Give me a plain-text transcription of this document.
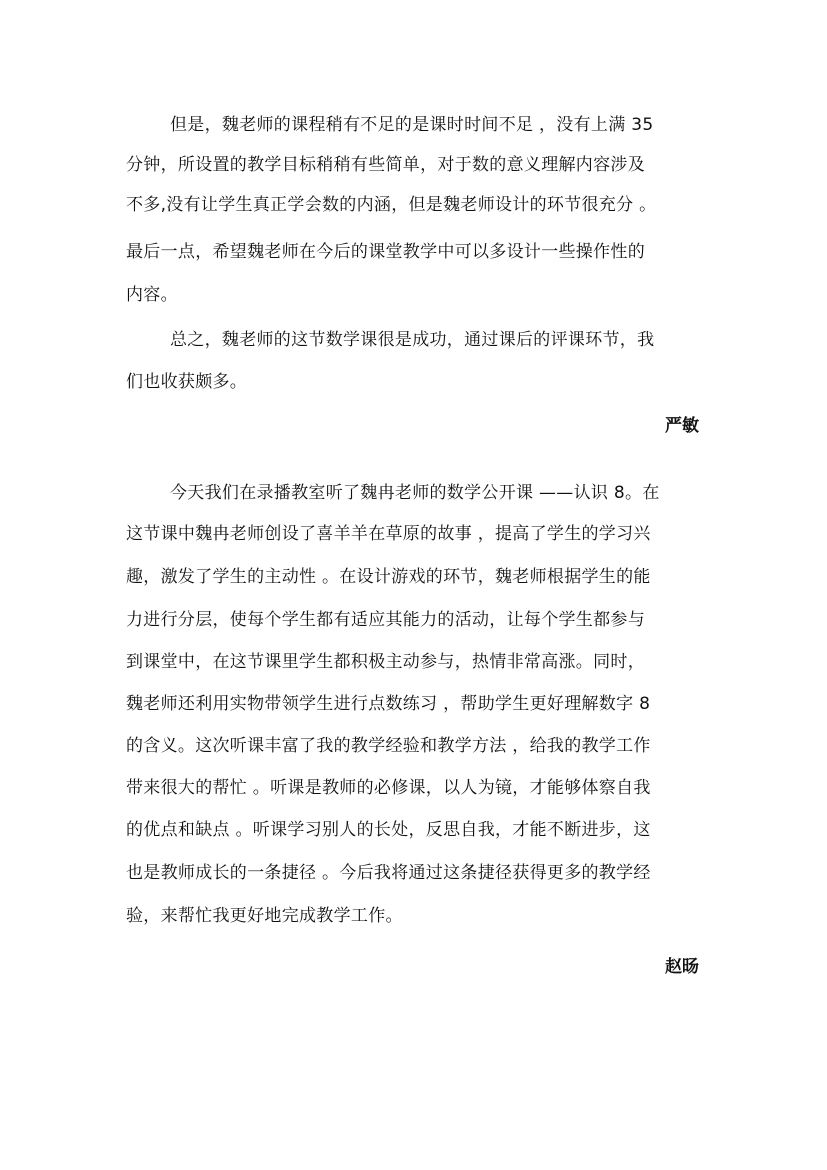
但是，魏老师的课程稍有不足的是课时时间不足 ，没有上满 35
分钟，所设置的教学目标稍稍有些简单，对于数的意义理解内容涉及
不多,没有让学生真正学会数的内涵，但是魏老师设计的环节很充分 。
最后一点，希望魏老师在今后的课堂教学中可以多设计一些操作性的
内容。
总之，魏老师的这节数学课很是成功，通过课后的评课环节，我
们也收获颇多。
严敏
今天我们在录播教室听了魏冉老师的数学公开课 ——认识 8。在
这节课中魏冉老师创设了喜羊羊在草原的故事 ，提高了学生的学习兴
趣，激发了学生的主动性 。在设计游戏的环节，魏老师根据学生的能
力进行分层，使每个学生都有适应其能力的活动，让每个学生都参与
到课堂中，在这节课里学生都积极主动参与，热情非常高涨。同时，
魏老师还利用实物带领学生进行点数练习 ，帮助学生更好理解数字 8
的含义。这次听课丰富了我的教学经验和教学方法 ，给我的教学工作
带来很大的帮忙 。听课是教师的必修课，以人为镜，才能够体察自我
的优点和缺点 。听课学习别人的长处，反思自我，才能不断进步，这
也是教师成长的一条捷径 。今后我将通过这条捷径获得更多的教学经
验，来帮忙我更好地完成教学工作。
赵旸
